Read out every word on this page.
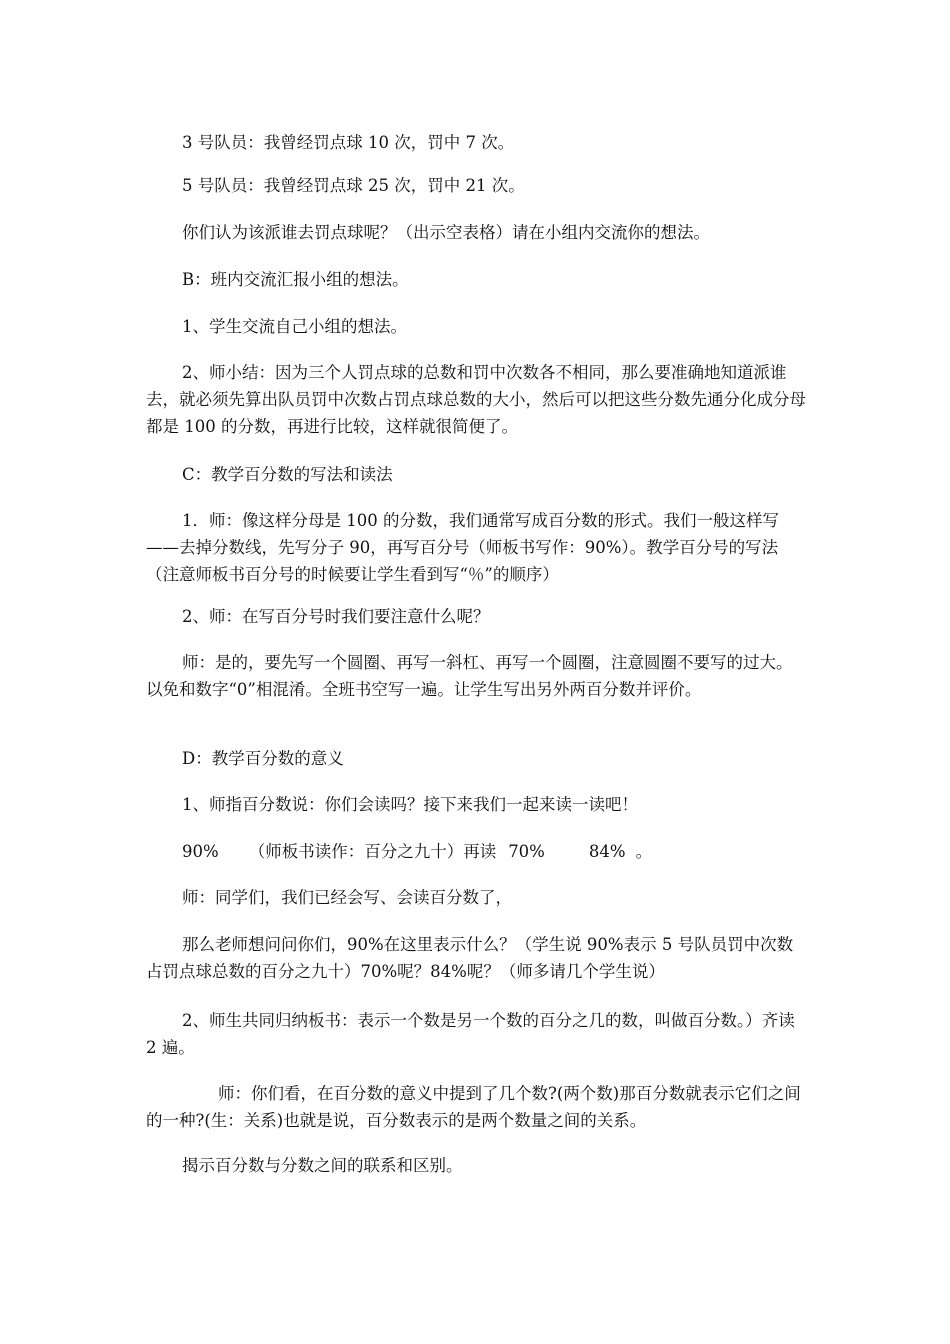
3 号队员：我曾经罚点球 10 次，罚中 7 次。

5 号队员：我曾经罚点球 25 次，罚中 21 次。

你们认为该派谁去罚点球呢？（出示空表格）请在小组内交流你的想法。

B：班内交流汇报小组的想法。

1、学生交流自己小组的想法。

2、师小结：因为三个人罚点球的总数和罚中次数各不相同，那么要准确地知道派谁去，就必须先算出队员罚中次数占罚点球总数的大小，然后可以把这些分数先通分化成分母都是 100 的分数，再进行比较，这样就很简便了。

C：教学百分数的写法和读法

1．师：像这样分母是 100 的分数，我们通常写成百分数的形式。我们一般这样写——去掉分数线，先写分子 90，再写百分号（师板书写作：90%）。教学百分号的写法（注意师板书百分号的时候要让学生看到写“％”的顺序）

2、师：在写百分号时我们要注意什么呢？

师：是的，要先写一个圆圈、再写一斜杠、再写一个圆圈，注意圆圈不要写的过大。以免和数字“0”相混淆。全班书空写一遍。让学生写出另外两百分数并评价。

D：教学百分数的意义

1、师指百分数说：你们会读吗？接下来我们一起来读一读吧！

90% （师板书读作：百分之九十）再读 70%	84% 。

师：同学们，我们已经会写、会读百分数了，

那么老师想问问你们，90%在这里表示什么？（学生说 90%表示 5 号队员罚中次数占罚点球总数的百分之九十）70%呢？84%呢？（师多请几个学生说）

2、师生共同归纳板书：表示一个数是另一个数的百分之几的数，叫做百分数。）齐读 2 遍。

师：你们看，在百分数的意义中提到了几个数?(两个数)那百分数就表示它们之间的一种?(生：关系)也就是说，百分数表示的是两个数量之间的关系。

揭示百分数与分数之间的联系和区别。
